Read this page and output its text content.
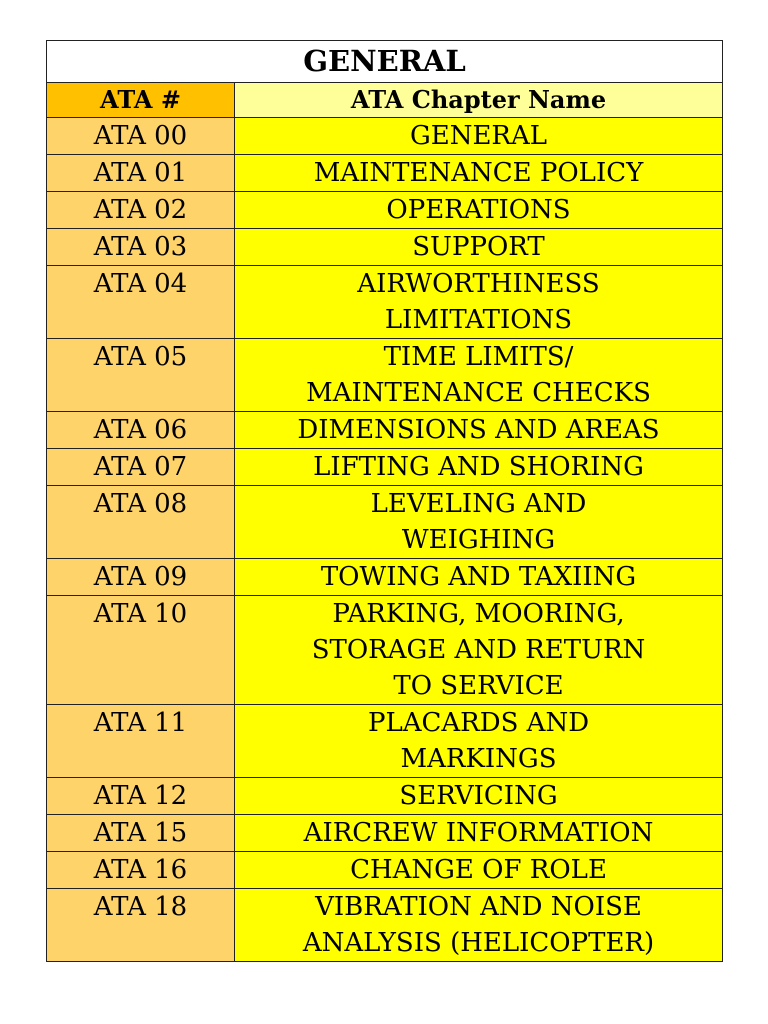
GENERAL	
ATA #	ATA Chapter Name
ATA 00	GENERAL
ATA 01	MAINTENANCE POLICY
ATA 02	OPERATIONS
ATA 03	SUPPORT
ATA 04	AIRWORTHINESS
LIMITATIONS
ATA 05	TIME LIMITS/
MAINTENANCE CHECKS
ATA 06	DIMENSIONS AND AREAS
ATA 07	LIFTING AND SHORING
ATA 08	LEVELING AND
WEIGHING
ATA 09	TOWING AND TAXIING
ATA 10	PARKING, MOORING,
STORAGE AND RETURN
TO SERVICE
ATA 11	PLACARDS AND
MARKINGS
ATA 12	SERVICING
ATA 15	AIRCREW INFORMATION
ATA 16	CHANGE OF ROLE
ATA 18	VIBRATION AND NOISE
ANALYSIS (HELICOPTER)
